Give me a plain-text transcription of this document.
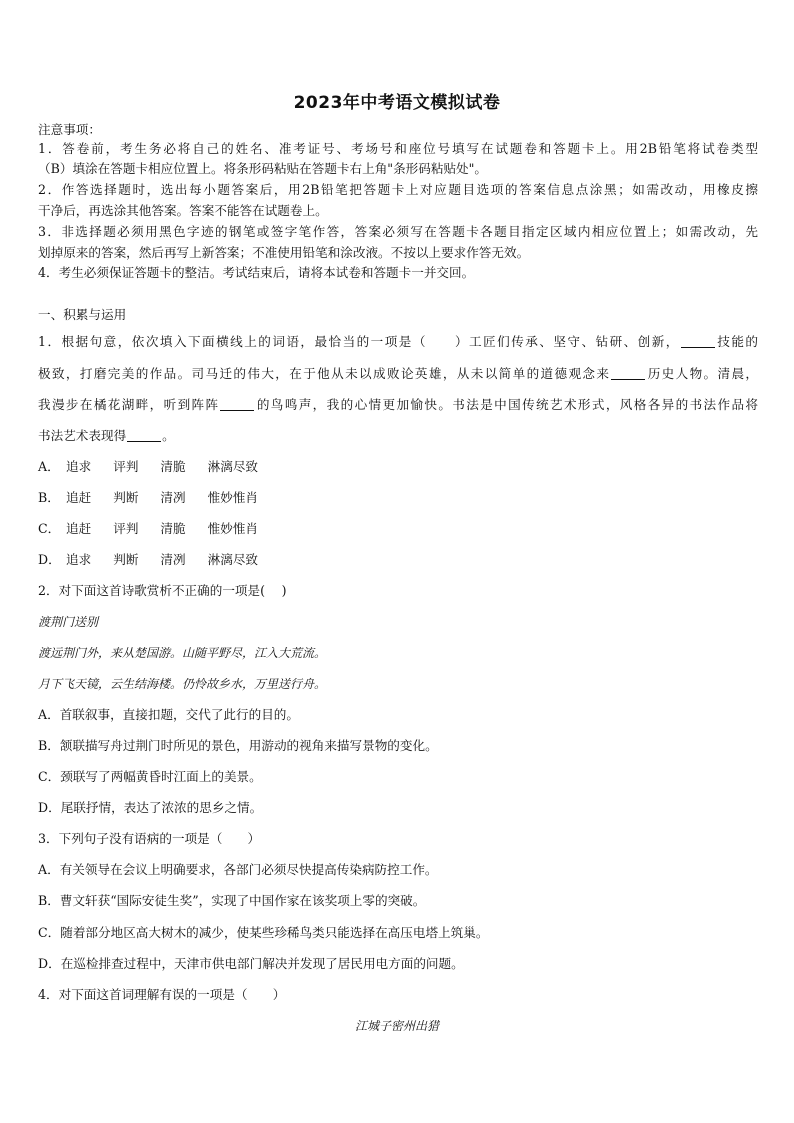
2023年中考语文模拟试卷
注意事项：
1．答卷前，考生务必将自己的姓名、准考证号、考场号和座位号填写在试题卷和答题卡上。用2B铅笔将试卷类型
（B）填涂在答题卡相应位置上。将条形码粘贴在答题卡右上角"条形码粘贴处"。
2．作答选择题时，选出每小题答案后，用2B铅笔把答题卡上对应题目选项的答案信息点涂黑；如需改动，用橡皮擦
干净后，再选涂其他答案。答案不能答在试题卷上。
3．非选择题必须用黑色字迹的钢笔或签字笔作答，答案必须写在答题卡各题目指定区域内相应位置上；如需改动，先
划掉原来的答案，然后再写上新答案；不准使用铅笔和涂改液。不按以上要求作答无效。
4．考生必须保证答题卡的整洁。考试结束后，请将本试卷和答题卡一并交回。
一、积累与运用
1．根据句意，依次填入下面横线上的词语，最恰当的一项是（　　）工匠们传承、坚守、钻研、创新，	技能的
极致，打磨完美的作品。司马迁的伟大，在于他从未以成败论英雄，从未以简单的道德观念来	历史人物。清晨，
我漫步在橘花湖畔，听到阵阵	的鸟鸣声，我的心情更加愉快。书法是中国传统艺术形式，风格各异的书法作品将
书法艺术表现得	。
A． 追求 评判 清脆 淋漓尽致
B． 追赶 判断 清冽 惟妙惟肖
C． 追赶 评判 清脆 惟妙惟肖
D． 追求 判断 清冽 淋漓尽致
2．对下面这首诗歌赏析不正确的一项是(　 )
渡荆门送别
渡远荆门外，来从楚国游。山随平野尽，江入大荒流。
月下飞天镜，云生结海楼。仍怜故乡水，万里送行舟。
A．首联叙事，直接扣题，交代了此行的目的。
B．颔联描写舟过荆门时所见的景色，用游动的视角来描写景物的变化。
C．颈联写了两幅黄昏时江面上的美景。
D．尾联抒情，表达了浓浓的思乡之情。
3．下列句子没有语病的一项是（　　）
A．有关领导在会议上明确要求，各部门必须尽快提高传染病防控工作。
B．曹文轩获“国际安徒生奖”，实现了中国作家在该奖项上零的突破。
C．随着部分地区高大树木的减少，使某些珍稀鸟类只能选择在高压电塔上筑巢。
D．在巡检排查过程中，天津市供电部门解决并发现了居民用电方面的问题。
4．对下面这首词理解有误的一项是（　　）
江城子密州出猎
